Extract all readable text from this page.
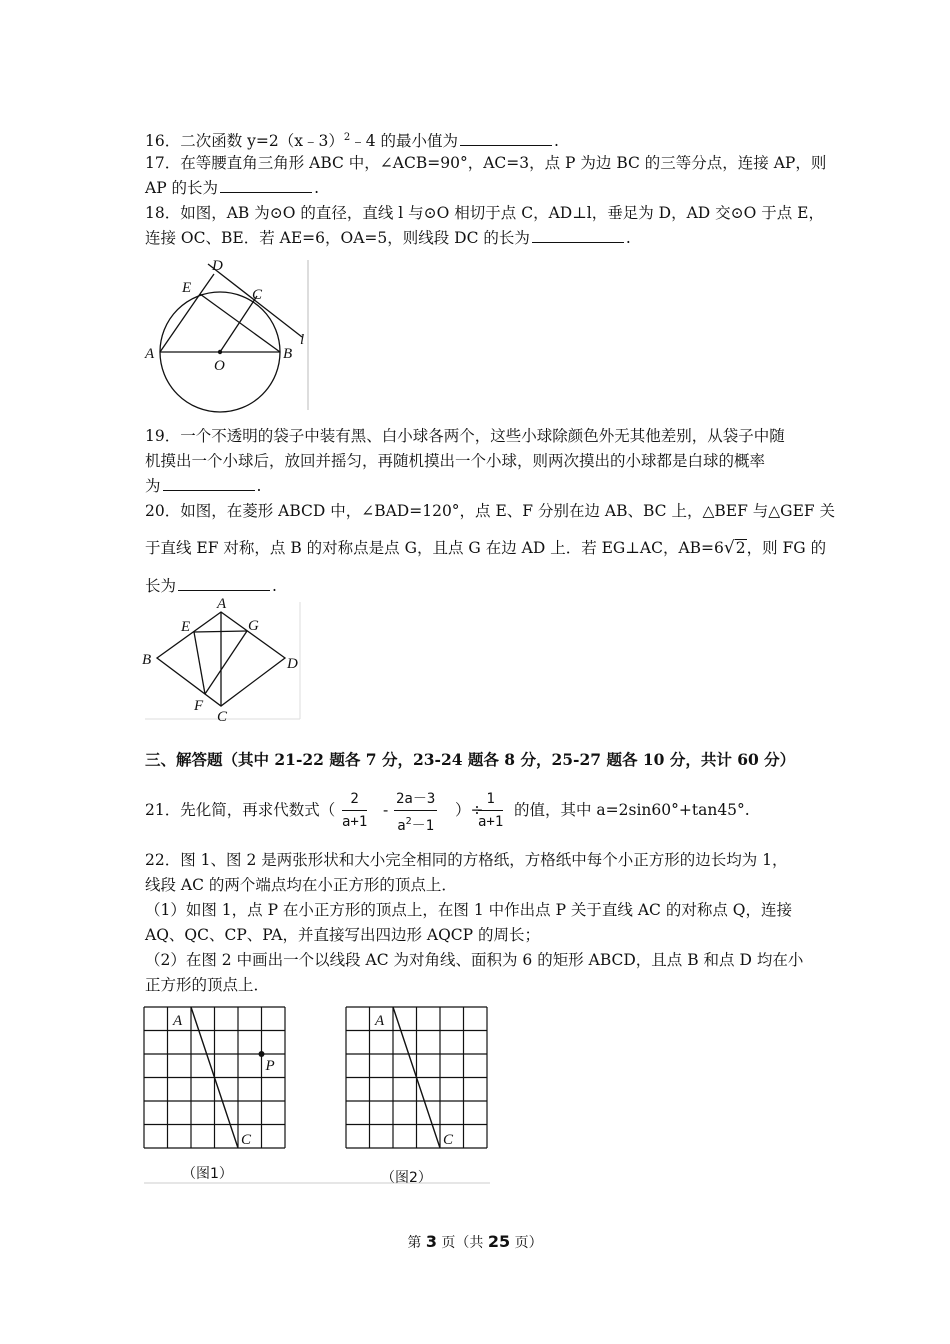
16．二次函数 y=2（x﹣3）$^2$﹣4 的最小值为	.
17．在等腰直角三角形 ABC 中，∠ACB=90°，AC=3，点 P 为边 BC 的三等分点，连接 AP，则
AP 的长为	.
18．如图，AB 为⊙O 的直径，直线 l 与⊙O 相切于点 C，AD⊥l，垂足为 D，AD 交⊙O 于点 E，
连接 OC、BE．若 AE=6，OA=5，则线段 DC 的长为	.
A	B
C
D
E
O
l
19．一个不透明的袋子中装有黑、白小球各两个，这些小球除颜色外无其他差别，从袋子中随
机摸出一个小球后，放回并摇匀，再随机摸出一个小球，则两次摸出的小球都是白球的概率
为	.
20．如图，在菱形 ABCD 中，∠BAD=120°，点 E、F 分别在边 AB、BC 上，△BEF 与△GEF 关
于直线 EF 对称，点 B 的对称点是点 G，且点 G 在边 AD 上．若 EG⊥AC，AB=6√2，则 FG 的
长为	.
A
B
C
D
E
F
G
三、解答题（其中 21-22 题各 7 分，23-24 题各 8 分，25-27 题各 10 分，共计 60 分）
21．先化简，再求代数式（ $\frac{2}{a+1} - \frac{2a-3}{a^2-1}$ ）÷
$\frac{1}{a+1}$ 的值，其中 a=2sin60°+tan45°.
22．图 1、图 2 是两张形状和大小完全相同的方格纸，方格纸中每个小正方形的边长均为 1，
线段 AC 的两个端点均在小正方形的顶点上．
（1）如图 1，点 P 在小正方形的顶点上，在图 1 中作出点 P 关于直线 AC 的对称点 Q，连接
AQ、QC、CP、PA，并直接写出四边形 AQCP 的周长；
（2）在图 2 中画出一个以线段 AC 为对角线、面积为 6 的矩形 ABCD，且点 B 和点 D 均在小
正方形的顶点上．
A
C
P
A
C
（图1）	（图2）
第 3 页（共 25 页）
